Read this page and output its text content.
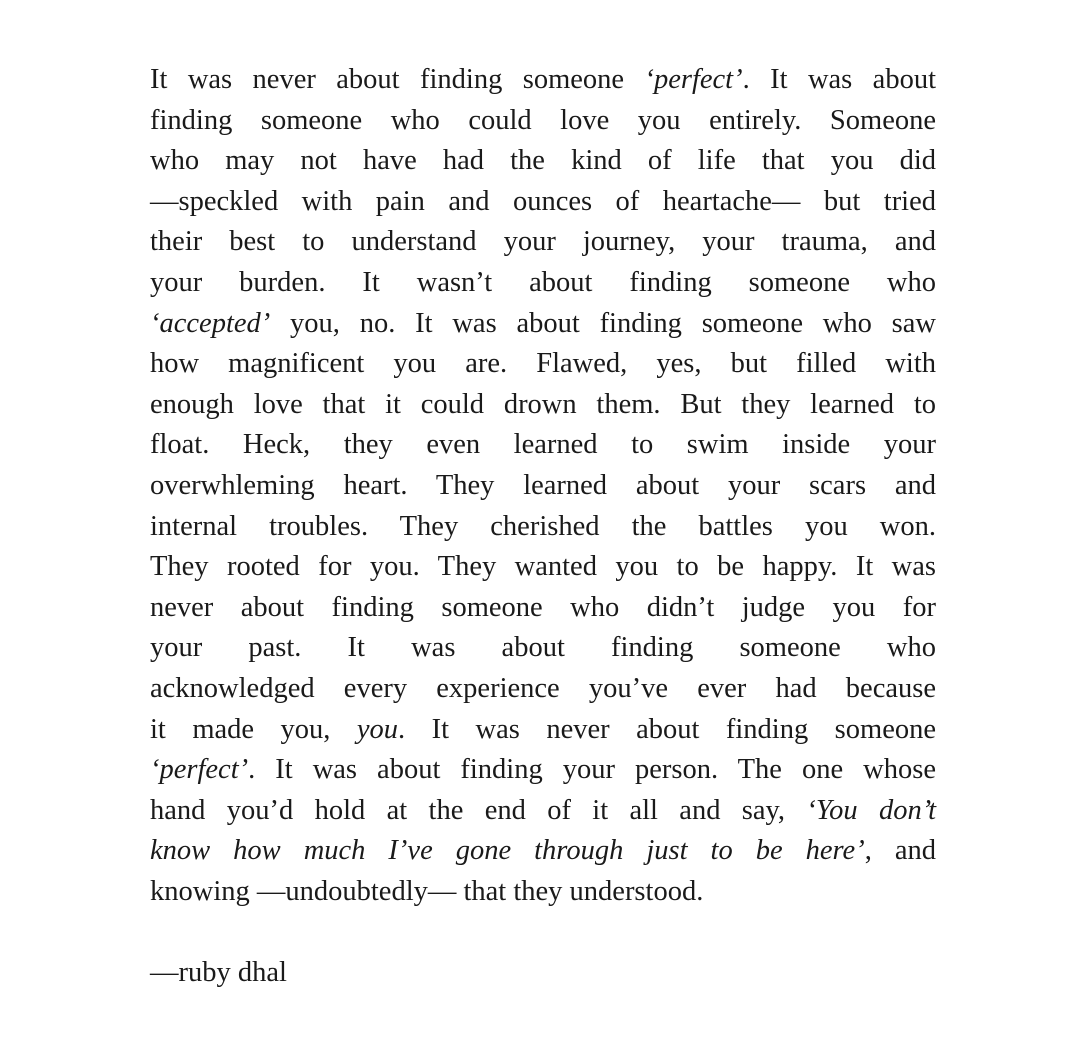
It was never about finding someone ‘perfect’. It was about
finding someone who could love you entirely. Someone
who may not have had the kind of life that you did
—speckled with pain and ounces of heartache— but tried
their best to understand your journey, your trauma, and
your burden. It wasn’t about finding someone who
‘accepted’ you, no. It was about finding someone who saw
how magnificent you are. Flawed, yes, but filled with
enough love that it could drown them. But they learned to
float. Heck, they even learned to swim inside your
overwhleming heart. They learned about your scars and
internal troubles. They cherished the battles you won.
They rooted for you. They wanted you to be happy. It was
never about finding someone who didn’t judge you for
your past. It was about finding someone who
acknowledged every experience you’ve ever had because
it made you, you. It was never about finding someone
‘perfect’. It was about finding your person. The one whose
hand you’d hold at the end of it all and say, ‘You don’t
know how much I’ve gone through just to be here’, and
knowing —undoubtedly— that they understood.
—ruby dhal
